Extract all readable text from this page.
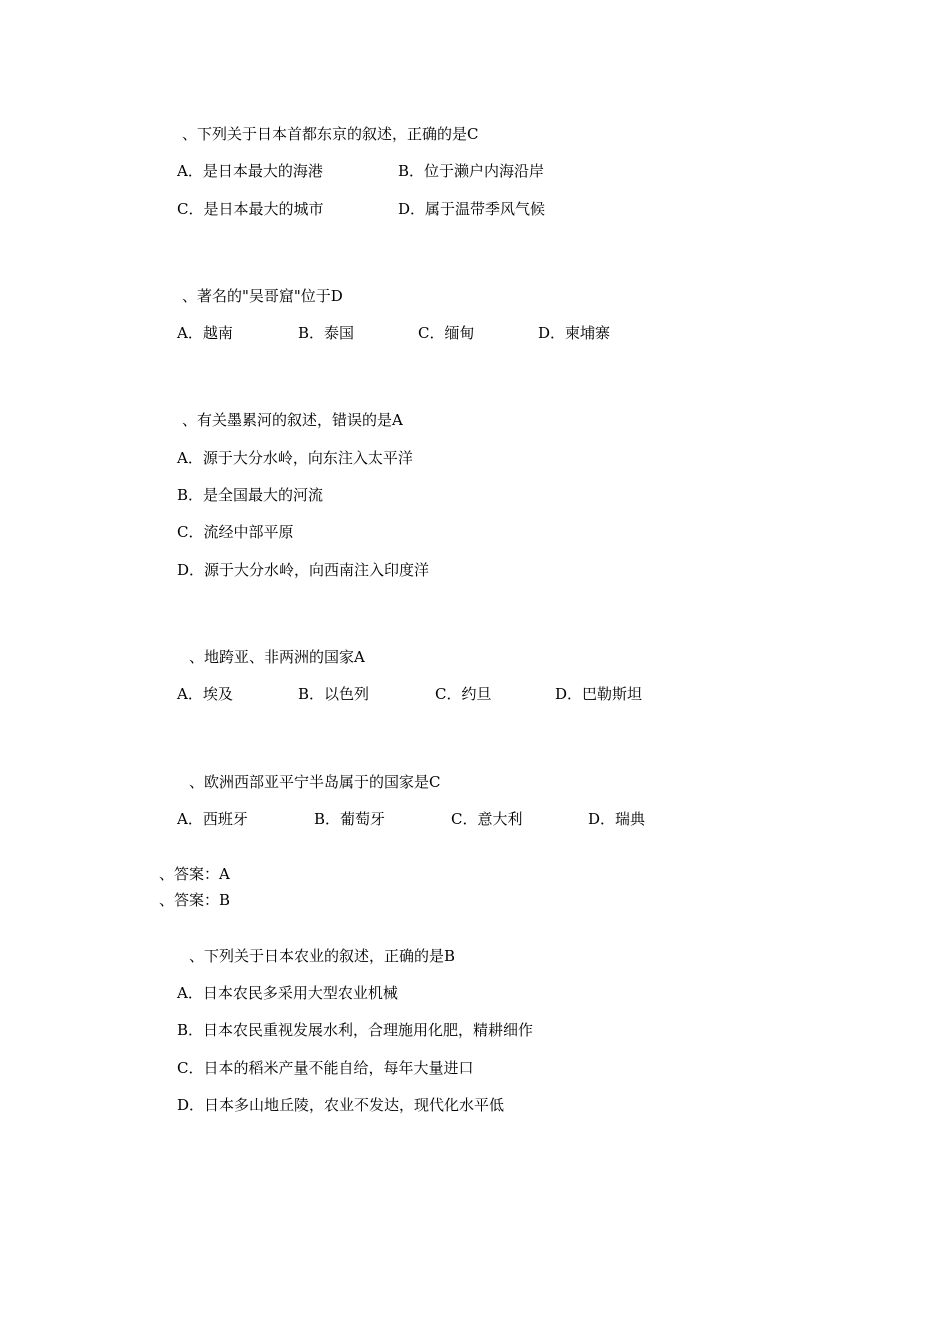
、下列关于日本首都东京的叙述，正确的是C
A．是日本最大的海港	B．位于濑户内海沿岸
C．是日本最大的城市	D．属于温带季风气候
、著名的"吴哥窟"位于D
A．越南	B．泰国	C．缅甸	D．柬埔寨
、有关墨累河的叙述，错误的是A
A．源于大分水岭，向东注入太平洋
B．是全国最大的河流
C．流经中部平原
D．源于大分水岭，向西南注入印度洋
、地跨亚、非两洲的国家A
A．埃及	B．以色列	C．约旦	D．巴勒斯坦
、欧洲西部亚平宁半岛属于的国家是C
A．西班牙	B．葡萄牙	C．意大利	D．瑞典
、答案：A
、答案：B
、下列关于日本农业的叙述，正确的是B
A．日本农民多采用大型农业机械
B．日本农民重视发展水利，合理施用化肥，精耕细作
C．日本的稻米产量不能自给，每年大量进口
D．日本多山地丘陵，农业不发达，现代化水平低
